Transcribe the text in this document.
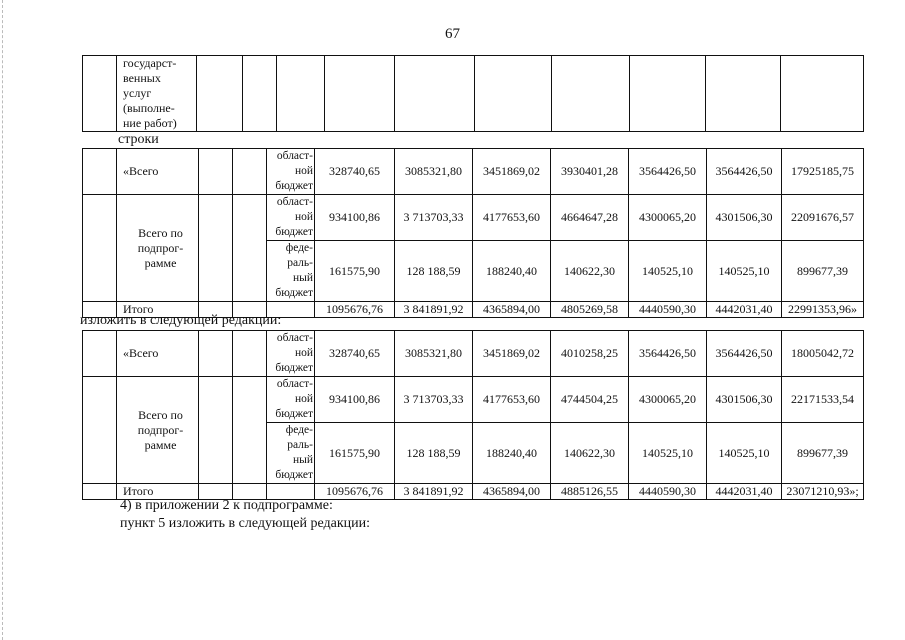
67

государст-
венных
услуг
(выполне-
ние работ)

строки
	«Всего			област-
ной
бюджет	328740,65	3085321,80	3451869,02	3930401,28	3564426,50	3564426,50	17925185,75

	Всего по
подпрог-
рамме			област-
ной
бюджет	934100,86	3 713703,33	4177653,60	4664647,28	4300065,20	4301506,30	22091676,57

				феде-
раль-
ный
бюджет	161575,90	128 188,59	188240,40	140622,30	140525,10	140525,10	899677,39
	Итого				1095676,76	3 841891,92	4365894,00	4805269,58	4440590,30	4442031,40	22991353,96»
изложить в следующей редакции:
	«Всего			област-
ной
бюджет	328740,65	3085321,80	3451869,02	4010258,25	3564426,50	3564426,50	18005042,72

	Всего по
подпрог-
рамме			област-
ной
бюджет	934100,86	3 713703,33	4177653,60	4744504,25	4300065,20	4301506,30	22171533,54

				феде-
раль-
ный
бюджет	161575,90	128 188,59	188240,40	140622,30	140525,10	140525,10	899677,39
	Итого				1095676,76	3 841891,92	4365894,00	4885126,55	4440590,30	4442031,40	23071210,93»;
4) в приложении 2 к подпрограмме:
пункт 5 изложить в следующей редакции:
